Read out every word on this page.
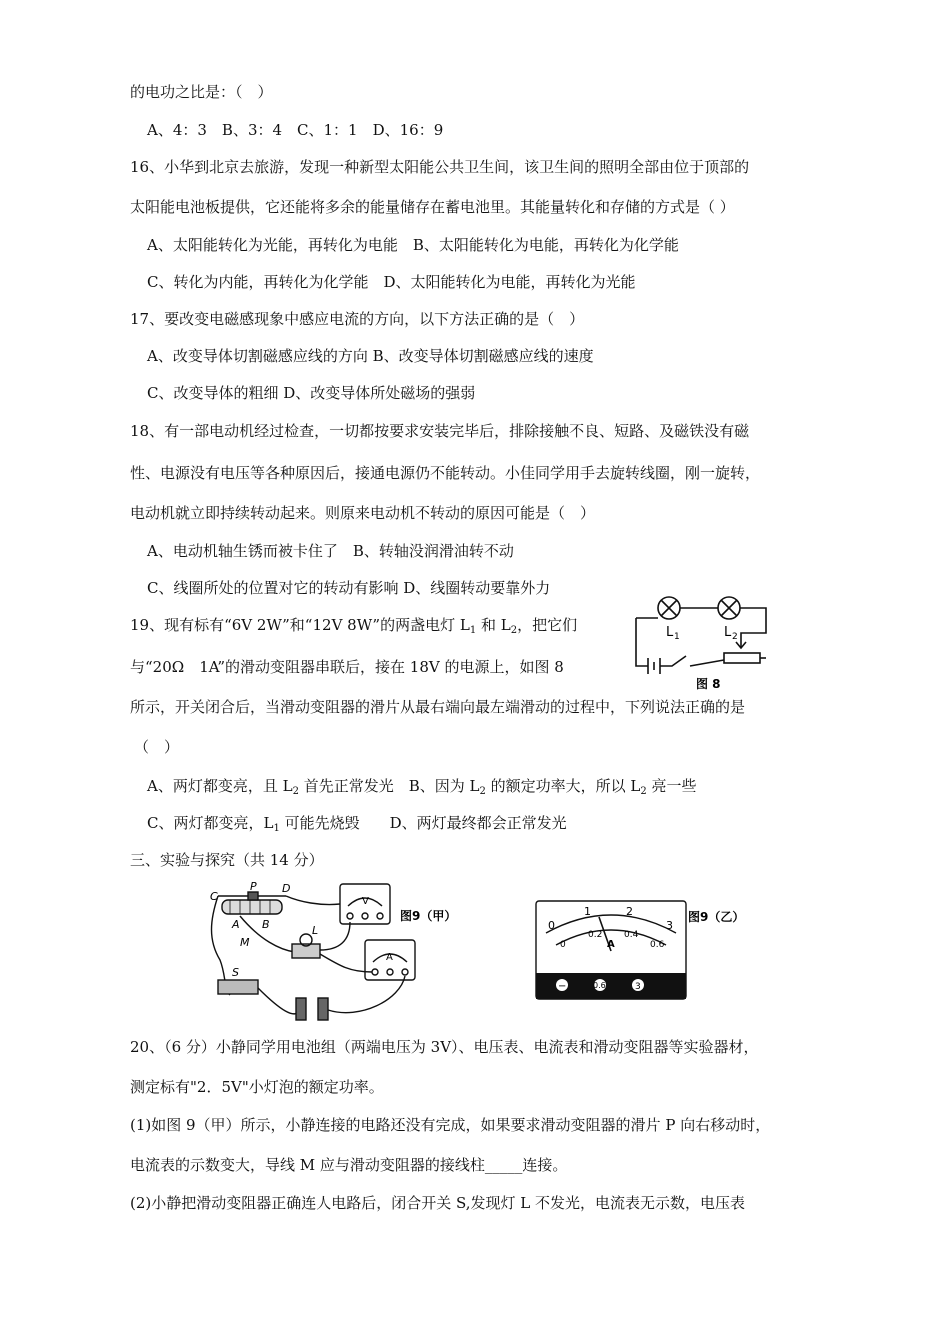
的电功之比是：（　）
A、4：3　B、3：4　C、1：1　D、16：9
16、小华到北京去旅游，发现一种新型太阳能公共卫生间，该卫生间的照明全部由位于顶部的
太阳能电池板提供，它还能将多余的能量储存在蓄电池里。其能量转化和存储的方式是（ ）
A、太阳能转化为光能，再转化为电能　B、太阳能转化为电能，再转化为化学能
C、转化为内能，再转化为化学能　D、太阳能转化为电能，再转化为光能
17、要改变电磁感现象中感应电流的方向，以下方法正确的是（　）
A、改变导体切割磁感应线的方向 B、改变导体切割磁感应线的速度
C、改变导体的粗细 D、改变导体所处磁场的强弱
18、有一部电动机经过检查，一切都按要求安装完毕后，排除接触不良、短路、及磁铁没有磁
性、电源没有电压等各种原因后，接通电源仍不能转动。小佳同学用手去旋转线圈，刚一旋转，
电动机就立即持续转动起来。则原来电动机不转动的原因可能是（　）
A、电动机轴生锈而被卡住了　B、转轴没润滑油转不动
C、线圈所处的位置对它的转动有影响 D、线圈转动要靠外力
19、现有标有“6V 2W”和“12V 8W”的两盏电灯 $L_1$ 和 $L_2$，把它们
与“20Ω　1A”的滑动变阻器串联后，接在 18V 的电源上，如图 8
所示，开关闭合后，当滑动变阻器的滑片从最右端向最左端滑动的过程中，下列说法正确的是
（　）
A、两灯都变亮，且 $L_2$ 首先正常发光　B、因为 $L_2$ 的额定功率大，所以 $L_2$ 亮一些
C、两灯都变亮，$L_1$ 可能先烧毁　　D、两灯最终都会正常发光
三、实验与探究（共 14 分）
L 1	L 2
图 8
C
P D
A B
M
L
S
V
A
图9（甲）
0
1	2
3
0
0.2 0.4
0.6
A
−	0.6	3
图9（乙）
20、（6 分）小静同学用电池组（两端电压为 3V）、电压表、电流表和滑动变阻器等实验器材，
测定标有"2．5V"小灯泡的额定功率。
(1)如图 9（甲）所示，小静连接的电路还没有完成，如果要求滑动变阻器的滑片 P 向右移动时，
电流表的示数变大，导线 M 应与滑动变阻器的接线柱_____连接。
(2)小静把滑动变阻器正确连人电路后，闭合开关 S,发现灯 L 不发光，电流表无示数，电压表
